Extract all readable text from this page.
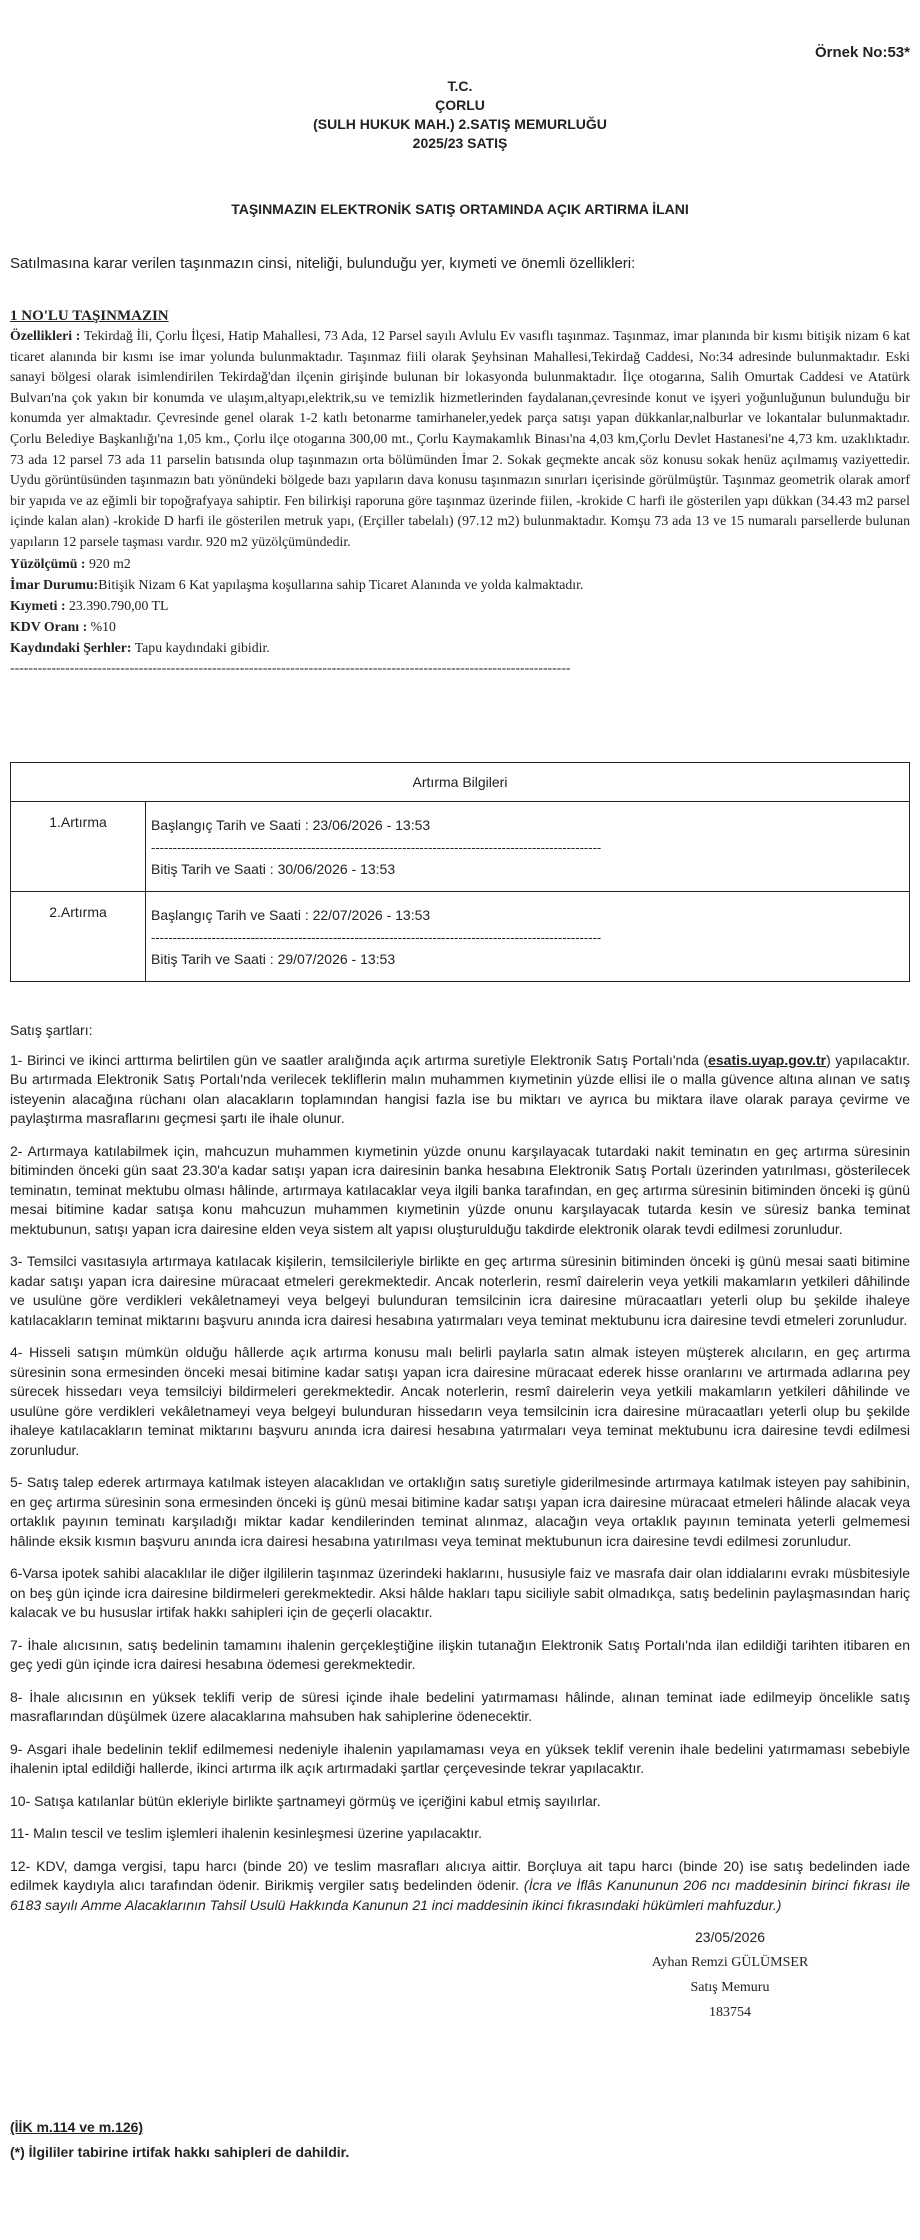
Örnek No:53*
T.C.
ÇORLU
(SULH HUKUK MAH.) 2.SATIŞ MEMURLUĞU
2025/23 SATIŞ
TAŞINMAZIN ELEKTRONİK SATIŞ ORTAMINDA AÇIK ARTIRMA İLANI
Satılmasına karar verilen taşınmazın cinsi, niteliği, bulunduğu yer, kıymeti ve önemli özellikleri:
1 NO'LU TAŞINMAZIN
Özellikleri : Tekirdağ İli, Çorlu İlçesi, Hatip Mahallesi, 73 Ada, 12 Parsel sayılı Avlulu Ev vasıflı taşınmaz. Taşınmaz, imar planında bir kısmı bitişik nizam 6 kat ticaret alanında bir kısmı ise imar yolunda bulunmaktadır. Taşınmaz fiili olarak Şeyhsinan Mahallesi,Tekirdağ Caddesi, No:34 adresinde bulunmaktadır. Eski sanayi bölgesi olarak isimlendirilen Tekirdağ'dan ilçenin girişinde bulunan bir lokasyonda bulunmaktadır. İlçe otogarına, Salih Omurtak Caddesi ve Atatürk Bulvarı'na çok yakın bir konumda ve ulaşım,altyapı,elektrik,su ve temizlik hizmetlerinden faydalanan,çevresinde konut ve işyeri yoğunluğunun bulunduğu bir konumda yer almaktadır. Çevresinde genel olarak 1-2 katlı betonarme tamirhaneler,yedek parça satışı yapan dükkanlar,nalburlar ve lokantalar bulunmaktadır. Çorlu Belediye Başkanlığı'na 1,05 km., Çorlu ilçe otogarına 300,00 mt., Çorlu Kaymakamlık Binası'na 4,03 km,Çorlu Devlet Hastanesi'ne 4,73 km. uzaklıktadır. 73 ada 12 parsel 73 ada 11 parselin batısında olup taşınmazın orta bölümünden İmar 2. Sokak geçmekte ancak söz konusu sokak henüz açılmamış vaziyettedir. Uydu görüntüsünden taşınmazın batı yönündeki bölgede bazı yapıların dava konusu taşınmazın sınırları içerisinde görülmüştür. Taşınmaz geometrik olarak amorf bir yapıda ve az eğimli bir topoğrafyaya sahiptir. Fen bilirkişi raporuna göre taşınmaz üzerinde fiilen, -krokide C harfi ile gösterilen yapı dükkan (34.43 m2 parsel içinde kalan alan) -krokide D harfi ile gösterilen metruk yapı, (Erçiller tabelalı) (97.12 m2) bulunmaktadır. Komşu 73 ada 13 ve 15 numaralı parsellerde bulunan yapıların 12 parsele taşması vardır. 920 m2 yüzölçümündedir.
Yüzölçümü : 920 m2
İmar Durumu:Bitişik Nizam 6 Kat yapılaşma koşullarına sahip Ticaret Alanında ve yolda kalmaktadır.
Kıymeti : 23.390.790,00 TL
KDV Oranı : %10
Kaydındaki Şerhler: Tapu kaydındaki gibidir.
--------------------------------------------------------------------------------------------------------------------------
Artırma Bilgileri	
1.Artırma	Başlangıç Tarih ve Saati : 23/06/2026 - 13:53
--------------------------------------------------------------------------------------------------------
Bitiş Tarih ve Saati : 30/06/2026 - 13:53

2.Artırma	Başlangıç Tarih ve Saati : 22/07/2026 - 13:53
--------------------------------------------------------------------------------------------------------
Bitiş Tarih ve Saati : 29/07/2026 - 13:53
Satış şartları:
1- Birinci ve ikinci arttırma belirtilen gün ve saatler aralığında açık artırma suretiyle Elektronik Satış Portalı'nda (esatis.uyap.gov.tr) yapılacaktır. Bu artırmada Elektronik Satış Portalı'nda verilecek tekliflerin malın muhammen kıymetinin yüzde ellisi ile o malla güvence altına alınan ve satış isteyenin alacağına rüchanı olan alacakların toplamından hangisi fazla ise bu miktarı ve ayrıca bu miktara ilave olarak paraya çevirme ve paylaştırma masraflarını geçmesi şartı ile ihale olunur.
2- Artırmaya katılabilmek için, mahcuzun muhammen kıymetinin yüzde onunu karşılayacak tutardaki nakit teminatın en geç artırma süresinin bitiminden önceki gün saat 23.30'a kadar satışı yapan icra dairesinin banka hesabına Elektronik Satış Portalı üzerinden yatırılması, gösterilecek teminatın, teminat mektubu olması hâlinde, artırmaya katılacaklar veya ilgili banka tarafından, en geç artırma süresinin bitiminden önceki iş günü mesai bitimine kadar satışa konu mahcuzun muhammen kıymetinin yüzde onunu karşılayacak tutarda kesin ve süresiz banka teminat mektubunun, satışı yapan icra dairesine elden veya sistem alt yapısı oluşturulduğu takdirde elektronik olarak tevdi edilmesi zorunludur.
3- Temsilci vasıtasıyla artırmaya katılacak kişilerin, temsilcileriyle birlikte en geç artırma süresinin bitiminden önceki iş günü mesai saati bitimine kadar satışı yapan icra dairesine müracaat etmeleri gerekmektedir. Ancak noterlerin, resmî dairelerin veya yetkili makamların yetkileri dâhilinde ve usulüne göre verdikleri vekâletnameyi veya belgeyi bulunduran temsilcinin icra dairesine müracaatları yeterli olup bu şekilde ihaleye katılacakların teminat miktarını başvuru anında icra dairesi hesabına yatırmaları veya teminat mektubunu icra dairesine tevdi etmeleri zorunludur.
4- Hisseli satışın mümkün olduğu hâllerde açık artırma konusu malı belirli paylarla satın almak isteyen müşterek alıcıların, en geç artırma süresinin sona ermesinden önceki mesai bitimine kadar satışı yapan icra dairesine müracaat ederek hisse oranlarını ve artırmada adlarına pey sürecek hissedarı veya temsilciyi bildirmeleri gerekmektedir. Ancak noterlerin, resmî dairelerin veya yetkili makamların yetkileri dâhilinde ve usulüne göre verdikleri vekâletnameyi veya belgeyi bulunduran hissedarın veya temsilcinin icra dairesine müracaatları yeterli olup bu şekilde ihaleye katılacakların teminat miktarını başvuru anında icra dairesi hesabına yatırmaları veya teminat mektubunu icra dairesine tevdi edilmesi zorunludur.
5- Satış talep ederek artırmaya katılmak isteyen alacaklıdan ve ortaklığın satış suretiyle giderilmesinde artırmaya katılmak isteyen pay sahibinin, en geç artırma süresinin sona ermesinden önceki iş günü mesai bitimine kadar satışı yapan icra dairesine müracaat etmeleri hâlinde alacak veya ortaklık payının teminatı karşıladığı miktar kadar kendilerinden teminat alınmaz, alacağın veya ortaklık payının teminata yeterli gelmemesi hâlinde eksik kısmın başvuru anında icra dairesi hesabına yatırılması veya teminat mektubunun icra dairesine tevdi edilmesi zorunludur.
6-Varsa ipotek sahibi alacaklılar ile diğer ilgililerin taşınmaz üzerindeki haklarını, hususiyle faiz ve masrafa dair olan iddialarını evrakı müsbitesiyle on beş gün içinde icra dairesine bildirmeleri gerekmektedir. Aksi hâlde hakları tapu siciliyle sabit olmadıkça, satış bedelinin paylaşmasından hariç kalacak ve bu hususlar irtifak hakkı sahipleri için de geçerli olacaktır.
7- İhale alıcısının, satış bedelinin tamamını ihalenin gerçekleştiğine ilişkin tutanağın Elektronik Satış Portalı'nda ilan edildiği tarihten itibaren en geç yedi gün içinde icra dairesi hesabına ödemesi gerekmektedir.
8- İhale alıcısının en yüksek teklifi verip de süresi içinde ihale bedelini yatırmaması hâlinde, alınan teminat iade edilmeyip öncelikle satış masraflarından düşülmek üzere alacaklarına mahsuben hak sahiplerine ödenecektir.
9- Asgari ihale bedelinin teklif edilmemesi nedeniyle ihalenin yapılamaması veya en yüksek teklif verenin ihale bedelini yatırmaması sebebiyle ihalenin iptal edildiği hallerde, ikinci artırma ilk açık artırmadaki şartlar çerçevesinde tekrar yapılacaktır.
10- Satışa katılanlar bütün ekleriyle birlikte şartnameyi görmüş ve içeriğini kabul etmiş sayılırlar.
11- Malın tescil ve teslim işlemleri ihalenin kesinleşmesi üzerine yapılacaktır.
12- KDV, damga vergisi, tapu harcı (binde 20) ve teslim masrafları alıcıya aittir. Borçluya ait tapu harcı (binde 20) ise satış bedelinden iade edilmek kaydıyla alıcı tarafından ödenir. Birikmiş vergiler satış bedelinden ödenir. (İcra ve İflâs Kanununun 206 ncı maddesinin birinci fıkrası ile 6183 sayılı Amme Alacaklarının Tahsil Usulü Hakkında Kanunun 21 inci maddesinin ikinci fıkrasındaki hükümleri mahfuzdur.)
23/05/2026
Ayhan Remzi GÜLÜMSER
Satış Memuru
183754
(İİK m.114 ve m.126)
(*) İlgililer tabirine irtifak hakkı sahipleri de dahildir.
